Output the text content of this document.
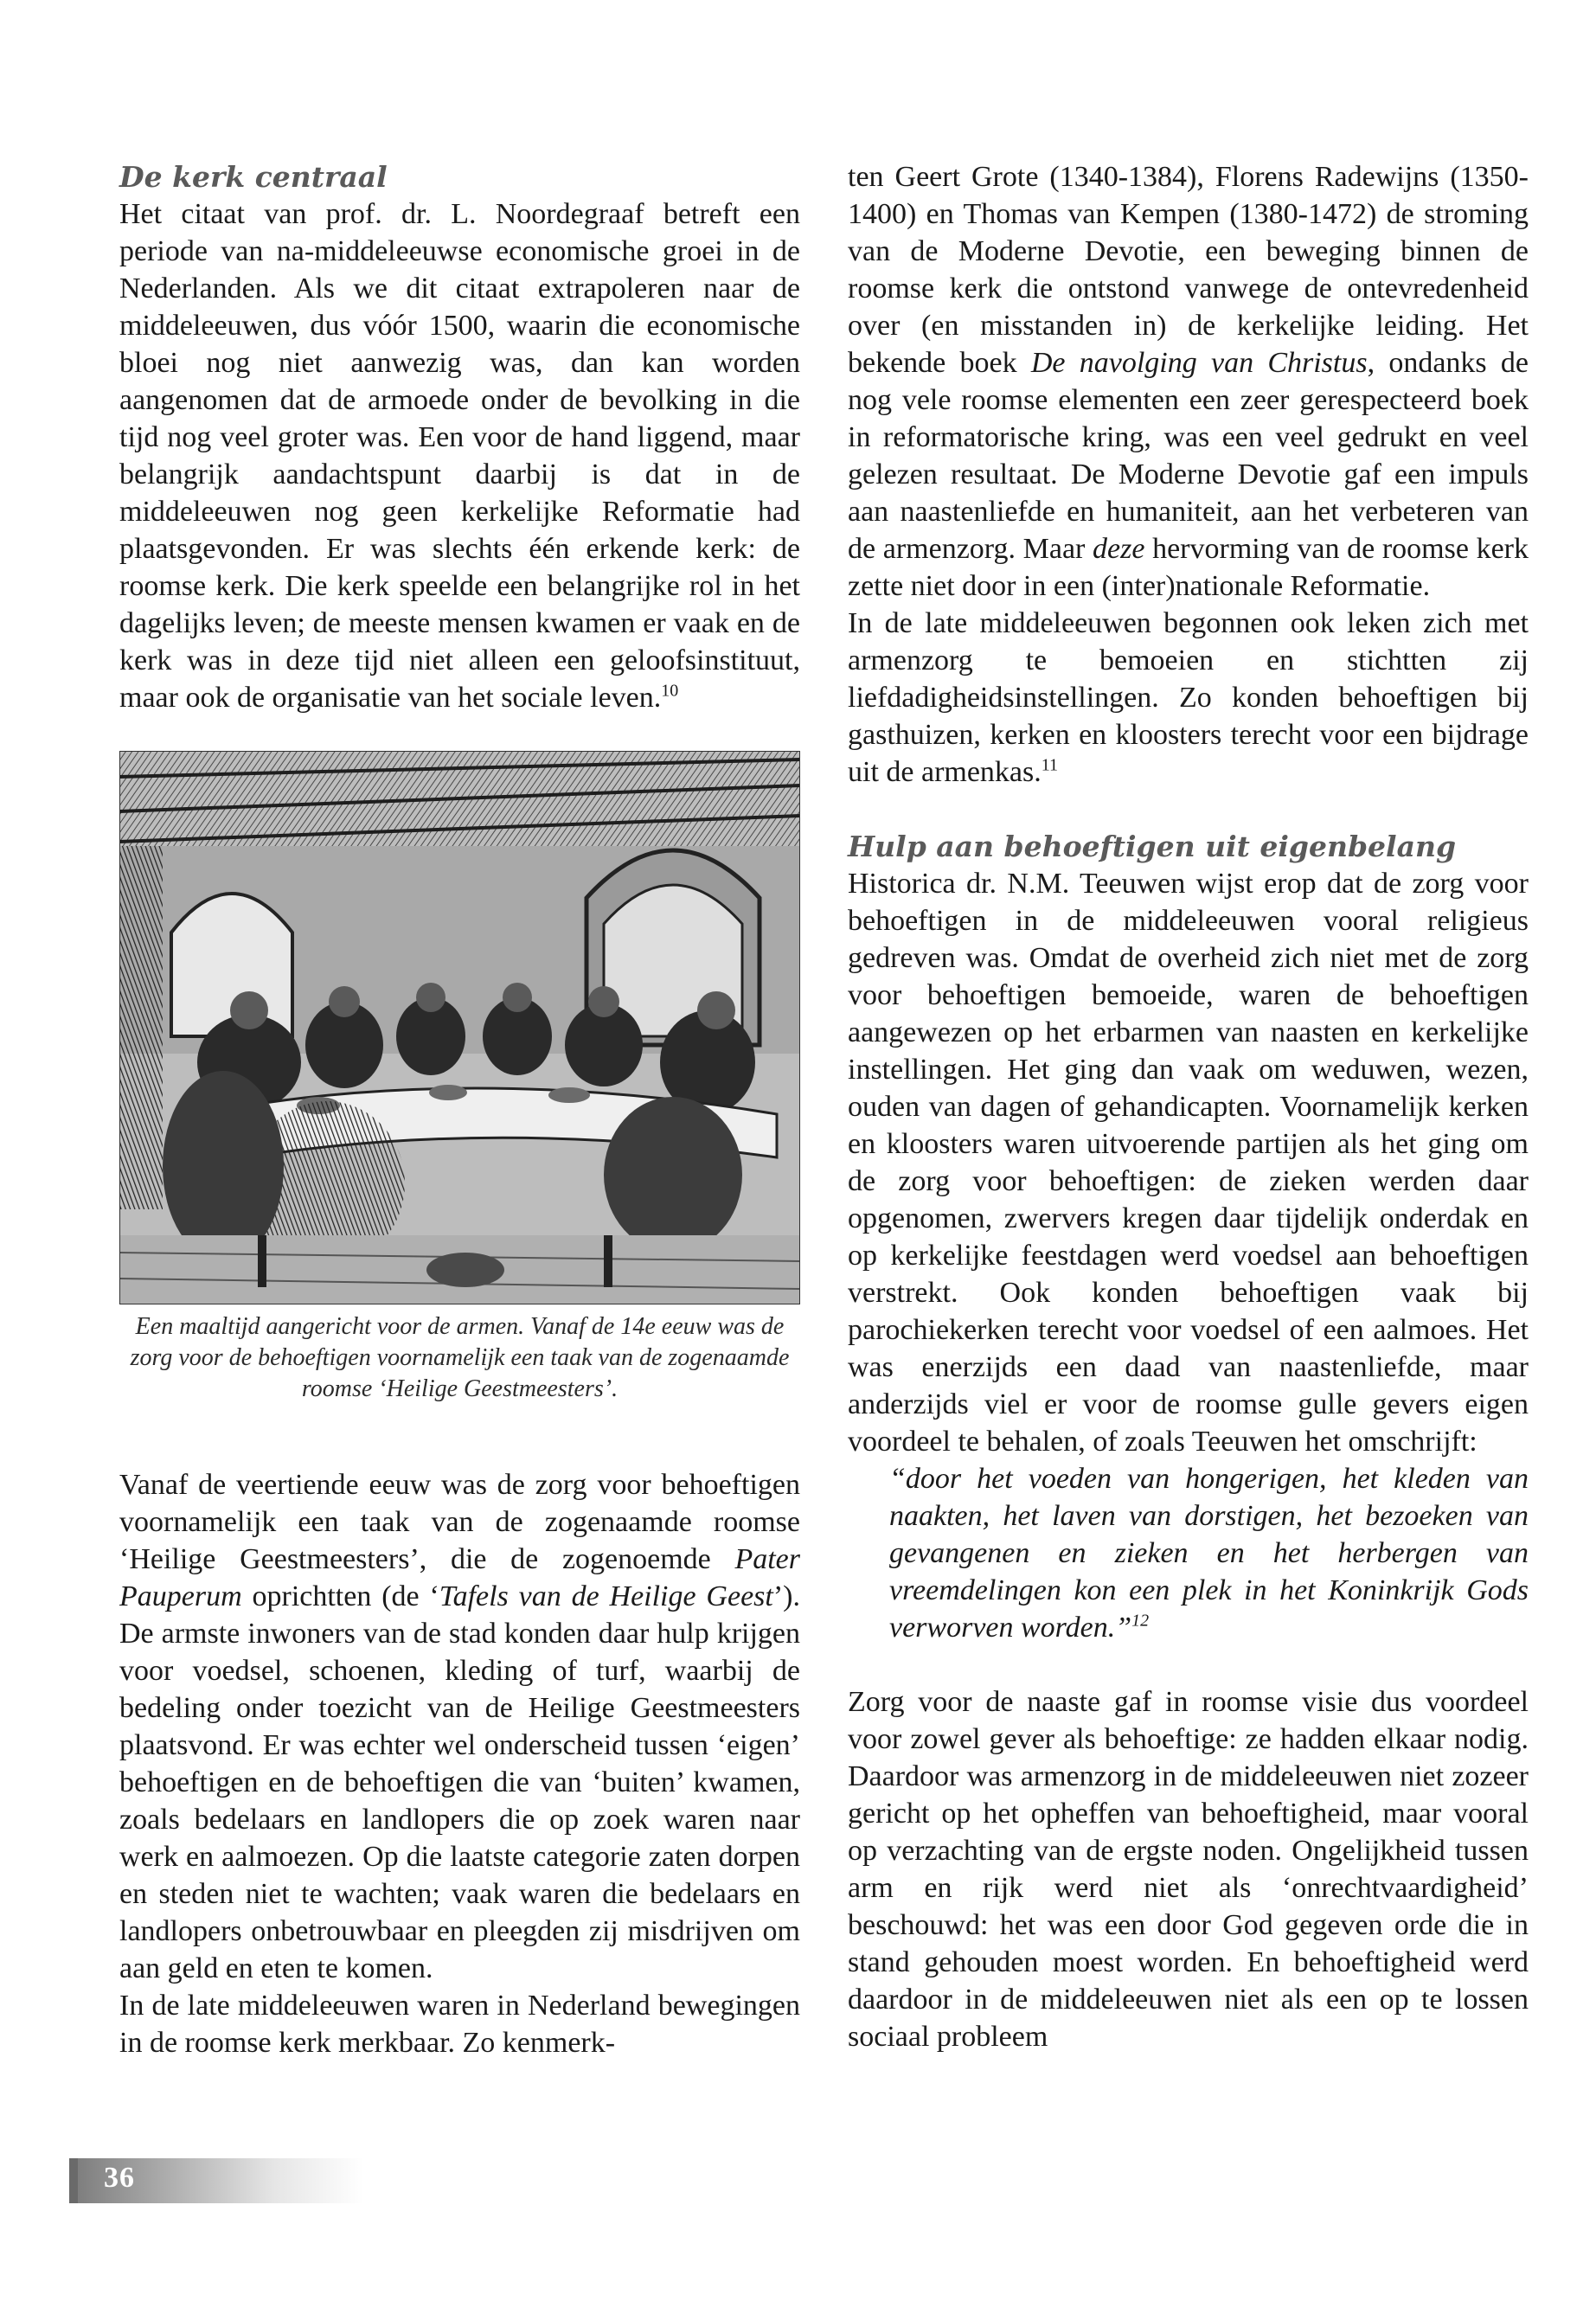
De kerk centraal

Het citaat van prof. dr. L. Noordegraaf betreft een periode van na-middeleeuwse economische groei in de Nederlanden. Als we dit citaat extrapoleren naar de middeleeuwen, dus vóór 1500, waarin die economische bloei nog niet aanwezig was, dan kan worden aangenomen dat de armoede onder de bevolking in die tijd nog veel groter was. Een voor de hand liggend, maar belangrijk aandachtspunt daarbij is dat in de middeleeuwen nog geen kerkelijke Reformatie had plaatsgevonden. Er was slechts één erkende kerk: de roomse kerk. Die kerk speelde een belangrijke rol in het dagelijks leven; de meeste mensen kwamen er vaak en de kerk was in deze tijd niet alleen een geloofsinstituut, maar ook de organisatie van het sociale leven.$^{10}$

Een maaltijd aangericht voor de armen. Vanaf de 14e eeuw was de zorg voor de behoeftigen voornamelijk een taak van de zogenaamde roomse ‘Heilige Geestmeesters’.

Vanaf de veertiende eeuw was de zorg voor behoeftigen voornamelijk een taak van de zogenaamde roomse ‘Heilige Geestmeesters’, die de zogenoemde Pater Pauperum oprichtten (de ‘Tafels van de Heilige Geest’). De armste inwoners van de stad konden daar hulp krijgen voor voedsel, schoenen, kleding of turf, waarbij de bedeling onder toezicht van de Heilige Geestmeesters plaatsvond. Er was echter wel onderscheid tussen ‘eigen’ behoeftigen en de behoeftigen die van ‘buiten’ kwamen, zoals bedelaars en landlopers die op zoek waren naar werk en aalmoezen. Op die laatste categorie zaten dorpen en steden niet te wachten; vaak waren die bedelaars en landlopers onbetrouwbaar en pleegden zij misdrijven om aan geld en eten te komen.

In de late middeleeuwen waren in Nederland bewegingen in de roomse kerk merkbaar. Zo kenmerk-

ten Geert Grote (1340-1384), Florens Radewijns (1350-1400) en Thomas van Kempen (1380-1472) de stroming van de Moderne Devotie, een beweging binnen de roomse kerk die ontstond vanwege de ontevredenheid over (en misstanden in) de kerkelijke leiding. Het bekende boek De navolging van Christus, ondanks de nog vele roomse elementen een zeer gerespecteerd boek in reformatorische kring, was een veel gedrukt en veel gelezen resultaat. De Moderne Devotie gaf een impuls aan naastenliefde en humaniteit, aan het verbeteren van de armenzorg. Maar deze hervorming van de roomse kerk zette niet door in een (inter)nationale Reformatie.

In de late middeleeuwen begonnen ook leken zich met armenzorg te bemoeien en stichtten zij liefdadigheidsinstellingen. Zo konden behoeftigen bij gasthuizen, kerken en kloosters terecht voor een bijdrage uit de armenkas.$^{11}$

Hulp aan behoeftigen uit eigenbelang

Historica dr. N.M. Teeuwen wijst erop dat de zorg voor behoeftigen in de middeleeuwen vooral religieus gedreven was. Omdat de overheid zich niet met de zorg voor behoeftigen bemoeide, waren de behoeftigen aangewezen op het erbarmen van naasten en kerkelijke instellingen. Het ging dan vaak om weduwen, wezen, ouden van dagen of gehandicapten. Voornamelijk kerken en kloosters waren uitvoerende partijen als het ging om de zorg voor behoeftigen: de zieken werden daar opgenomen, zwervers kregen daar tijdelijk onderdak en op kerkelijke feestdagen werd voedsel aan behoeftigen verstrekt. Ook konden behoeftigen vaak bij parochiekerken terecht voor voedsel of een aalmoes. Het was enerzijds een daad van naastenliefde, maar anderzijds viel er voor de roomse gulle gevers eigen voordeel te behalen, of zoals Teeuwen het omschrijft:

“door het voeden van hongerigen, het kleden van naakten, het laven van dorstigen, het bezoeken van gevangenen en zieken en het herbergen van vreemdelingen kon een plek in het Koninkrijk Gods verworven worden.”$^{12}$

Zorg voor de naaste gaf in roomse visie dus voordeel voor zowel gever als behoeftige: ze hadden elkaar nodig. Daardoor was armenzorg in de middeleeuwen niet zozeer gericht op het opheffen van behoeftigheid, maar vooral op verzachting van de ergste noden. Ongelijkheid tussen arm en rijk werd niet als ‘onrechtvaardigheid’ beschouwd: het was een door God gegeven orde die in stand gehouden moest worden. En behoeftigheid werd daardoor in de middeleeuwen niet als een op te lossen sociaal probleem

36
